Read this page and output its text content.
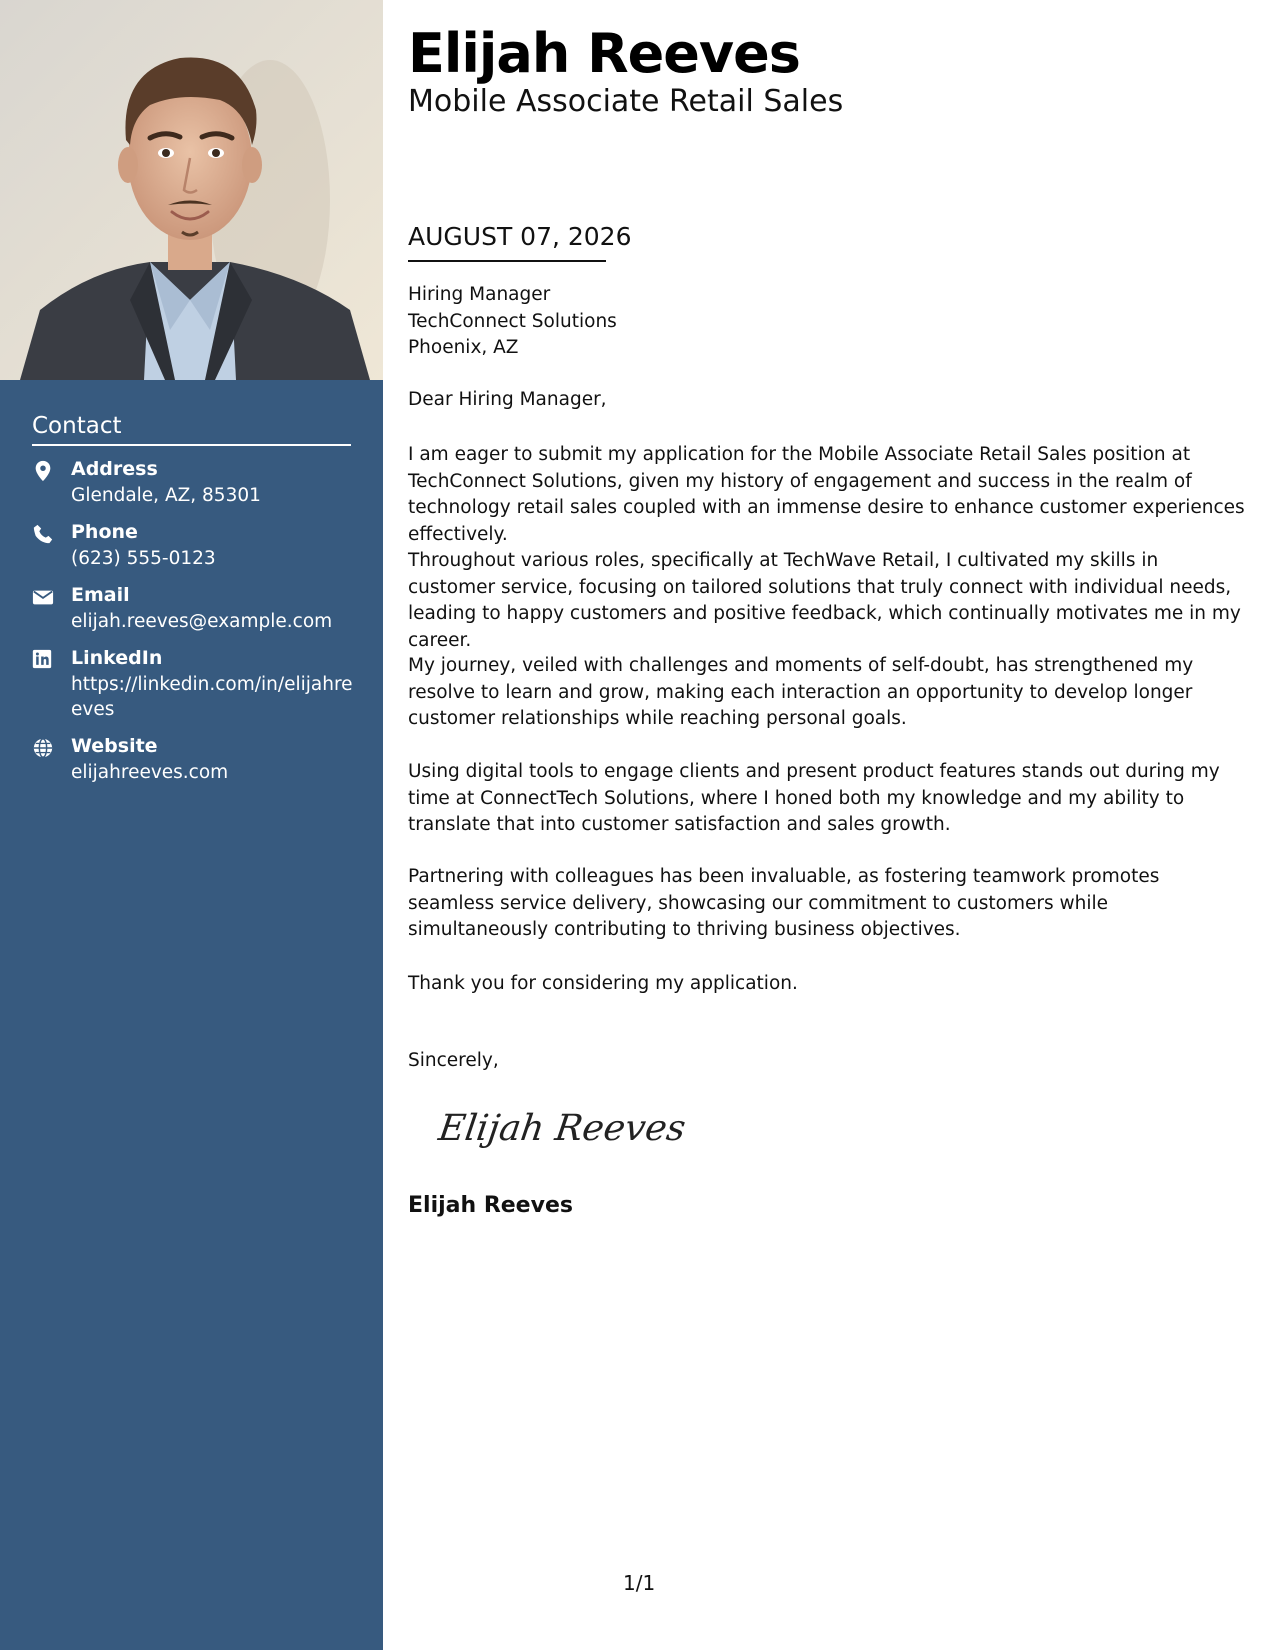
Contact
Address
Glendale, AZ, 85301
Phone
(623) 555-0123
Email
elijah.reeves@example.com
LinkedIn
https://linkedin.com/in/elijahreeves
Website
elijahreeves.com
Elijah Reeves
Mobile Associate Retail Sales
AUGUST 07, 2026
Hiring Manager
TechConnect Solutions
Phoenix, AZ
Dear Hiring Manager,
I am eager to submit my application for the Mobile Associate Retail Sales position at TechConnect Solutions, given my history of engagement and success in the realm of technology retail sales coupled with an immense desire to enhance customer experiences effectively.
Throughout various roles, specifically at TechWave Retail, I cultivated my skills in customer service, focusing on tailored solutions that truly connect with individual needs, leading to happy customers and positive feedback, which continually motivates me in my career.
My journey, veiled with challenges and moments of self-doubt, has strengthened my resolve to learn and grow, making each interaction an opportunity to develop longer customer relationships while reaching personal goals.
Using digital tools to engage clients and present product features stands out during my time at ConnectTech Solutions, where I honed both my knowledge and my ability to translate that into customer satisfaction and sales growth.
Partnering with colleagues has been invaluable, as fostering teamwork promotes seamless service delivery, showcasing our commitment to customers while simultaneously contributing to thriving business objectives.
Thank you for considering my application.
Sincerely,
Elijah Reeves
Elijah Reeves
1/1
